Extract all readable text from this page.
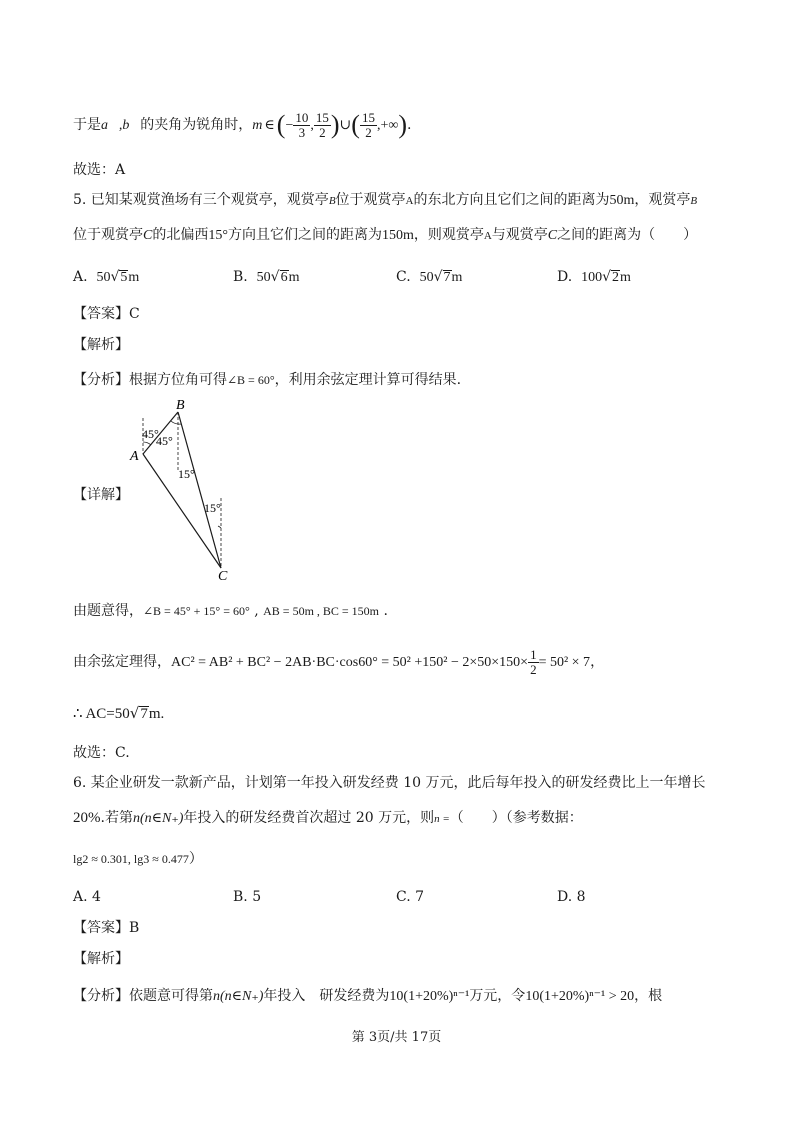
于是a⃗,b⃗的夹角为锐角时，m ∈(− $\frac{10}{3}$ , $\frac{15}{2}$ )∪( $\frac{15}{2}$ ,+∞).
故选：A
5. 已知某观赏渔场有三个观赏亭，观赏亭B位于观赏亭A的东北方向且它们之间的距离为50m，观赏亭B
位于观赏亭C的北偏西15°方向且它们之间的距离为150m，则观赏亭A与观赏亭C之间的距离为（　　）
A. 50√5m	B. 50√6m	C. 50√7m	D. 100√2m
【答案】C
【解析】
【分析】根据方位角可得∠B = 60°，利用余弦定理计算可得结果.
B
A
C
45°
45°
15°
15°
【详解】
由题意得，∠B = 45° + 15° = 60° , AB = 50m , BC = 150m .
由余弦定理得，$AC^2 = AB^2 + BC^2 - 2AB\cdot BC\cdot\cos 60^\circ = 50^2 +150^2 - 2\times 50\times 150\times \frac{1}{2} = 50^2 \times 7$，
∴ AC=50√7m.
故选：C.
6. 某企业研发一款新产品，计划第一年投入研发经费 10 万元，此后每年投入的研发经费比上一年增长
20%.若第n(n∈N₊)年投入的研发经费首次超过 20 万元，则n =（　　）（参考数据：
lg2 ≈ 0.301, lg3 ≈ 0.477）
A. 4	B. 5	C. 7	D. 8
【答案】B
【解析】
【分析】依题意可得第n(n∈N₊)年投入　研发经费为10(1+20%)ⁿ⁻¹万元，令10(1+20%)ⁿ⁻¹ > 20，根
第 3页/共 17页
